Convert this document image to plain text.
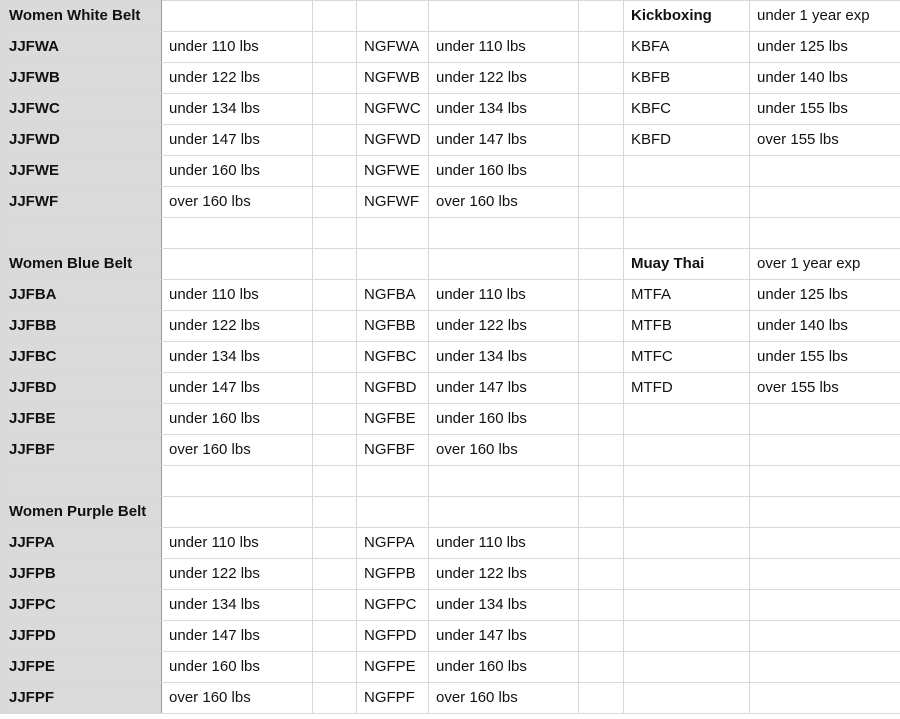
Women White Belt						Kickboxing	under 1 year exp
JJFWA	under 110 lbs		NGFWA	under 110 lbs		KBFA	under 125 lbs
JJFWB	under 122 lbs		NGFWB	under 122 lbs		KBFB	under 140 lbs
JJFWC	under 134 lbs		NGFWC	under 134 lbs		KBFC	under 155 lbs
JJFWD	under 147 lbs		NGFWD	under 147 lbs		KBFD	over 155 lbs
JJFWE	under 160 lbs		NGFWE	under 160 lbs			
JJFWF	over 160 lbs		NGFWF	over 160 lbs			

Women Blue Belt						Muay Thai	over 1 year exp
JJFBA	under 110 lbs		NGFBA	under 110 lbs		MTFA	under 125 lbs
JJFBB	under 122 lbs		NGFBB	under 122 lbs		MTFB	under 140 lbs
JJFBC	under 134 lbs		NGFBC	under 134 lbs		MTFC	under 155 lbs
JJFBD	under 147 lbs		NGFBD	under 147 lbs		MTFD	over 155 lbs
JJFBE	under 160 lbs		NGFBE	under 160 lbs			
JJFBF	over 160 lbs		NGFBF	over 160 lbs			

Women Purple Belt							
JJFPA	under 110 lbs		NGFPA	under 110 lbs			
JJFPB	under 122 lbs		NGFPB	under 122 lbs			
JJFPC	under 134 lbs		NGFPC	under 134 lbs			
JJFPD	under 147 lbs		NGFPD	under 147 lbs			
JJFPE	under 160 lbs		NGFPE	under 160 lbs			
JJFPF	over 160 lbs		NGFPF	over 160 lbs			
